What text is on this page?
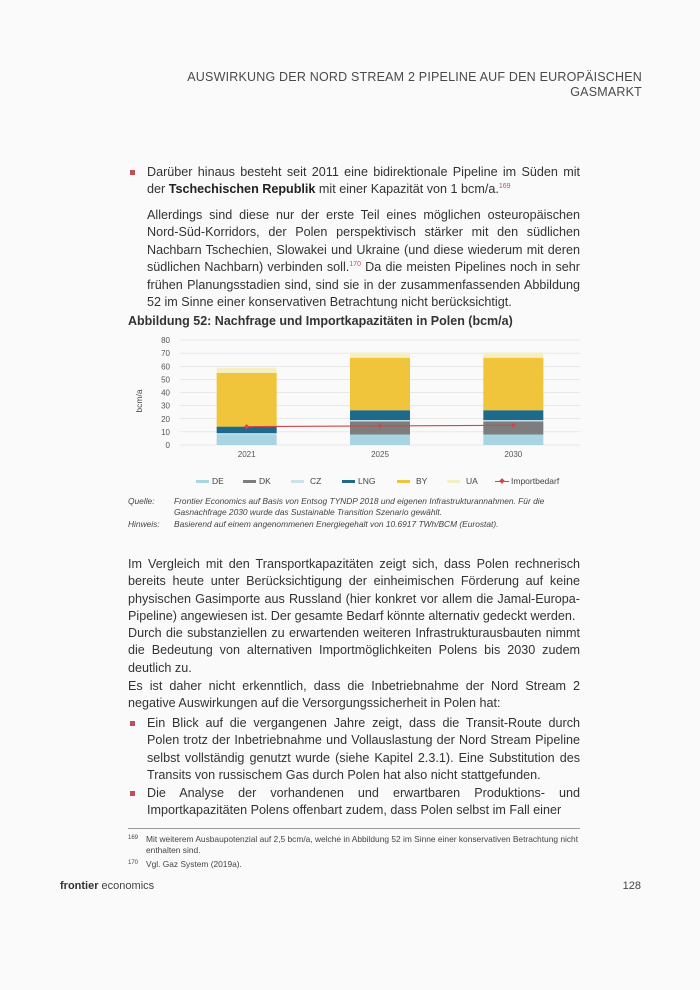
AUSWIRKUNG DER NORD STREAM 2 PIPELINE AUF DEN EUROPÄISCHEN
GASMARKT
Darüber hinaus besteht seit 2011 eine bidirektionale Pipeline im Süden mit der Tschechischen Republik mit einer Kapazität von 1 bcm/a.$^{169}$
Allerdings sind diese nur der erste Teil eines möglichen osteuropäischen Nord-Süd-Korridors, der Polen perspektivisch stärker mit den südlichen Nachbarn Tschechien, Slowakei und Ukraine (und diese wiederum mit deren südlichen Nachbarn) verbinden soll.$^{170}$ Da die meisten Pipelines noch in sehr frühen Planungsstadien sind, sind sie in der zusammenfassenden Abbildung 52 im Sinne einer konservativen Betrachtung nicht berücksichtigt.
Abbildung 52: Nachfrage und Importkapazitäten in Polen (bcm/a)
0
10
20
30
40
50
60
70
80
2021	2025	2030
bcm/a
DE	DK	CZ	LNG	BY	UA	Importbedarf
Quelle: Frontier Economics auf Basis von Entsog TYNDP 2018 und eigenen Infrastrukturannahmen. Für die Gasnachfrage 2030 wurde das Sustainable Transition Szenario gewählt.
Hinweis: Basierend auf einem angenommenen Energiegehalt von 10.6917 TWh/BCM (Eurostat).
Im Vergleich mit den Transportkapazitäten zeigt sich, dass Polen rechnerisch bereits heute unter Berücksichtigung der einheimischen Förderung auf keine physischen Gasimporte aus Russland (hier konkret vor allem die Jamal-Europa-Pipeline) angewiesen ist. Der gesamte Bedarf könnte alternativ gedeckt werden.
Durch die substanziellen zu erwartenden weiteren Infrastrukturausbauten nimmt die Bedeutung von alternativen Importmöglichkeiten Polens bis 2030 zudem deutlich zu.
Es ist daher nicht erkenntlich, dass die Inbetriebnahme der Nord Stream 2 negative Auswirkungen auf die Versorgungssicherheit in Polen hat:
Ein Blick auf die vergangenen Jahre zeigt, dass die Transit-Route durch Polen trotz der Inbetriebnahme und Vollauslastung der Nord Stream Pipeline selbst vollständig genutzt wurde (siehe Kapitel 2.3.1). Eine Substitution des Transits von russischem Gas durch Polen hat also nicht stattgefunden.
Die Analyse der vorhandenen und erwartbaren Produktions- und Importkapazitäten Polens offenbart zudem, dass Polen selbst im Fall einer
169 Mit weiterem Ausbaupotenzial auf 2,5 bcm/a, welche in Abbildung 52 im Sinne einer konservativen Betrachtung nicht enthalten sind.
170 Vgl. Gaz System (2019a).
frontier economics	128
